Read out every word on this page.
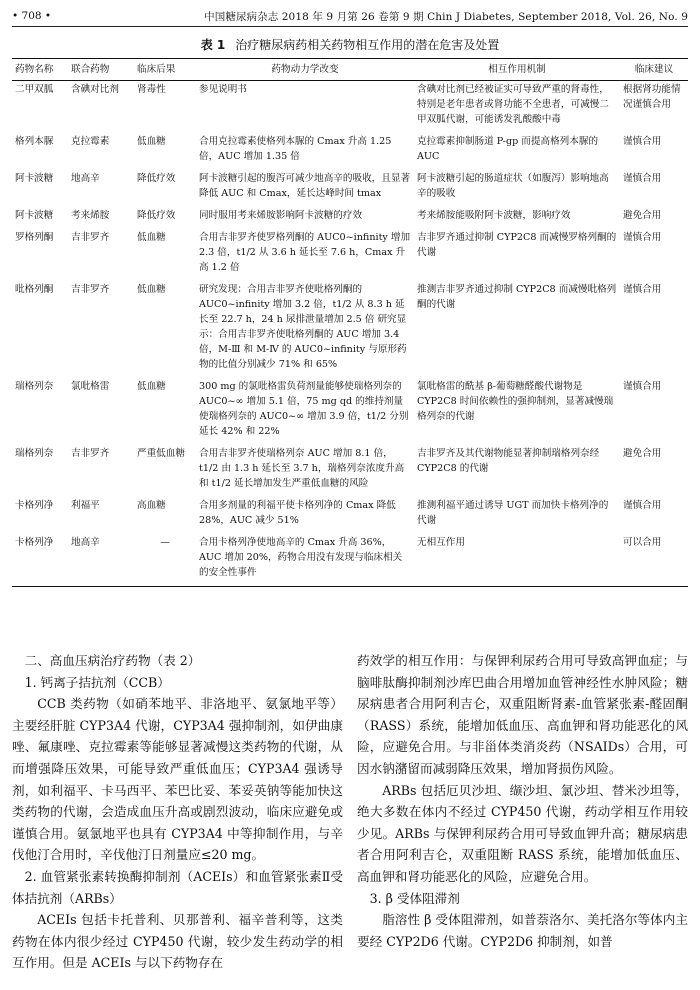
• 708 •	中国糖尿病杂志 2018 年 9 月第 26 卷第 9 期 Chin J Diabetes, September 2018, Vol. 26, No. 9
表 1 治疗糖尿病药相关药物相互作用的潜在危害及处置
药物名称	联合药物	临床后果	药物动力学改变	相互作用机制	临床建议
二甲双胍	含碘对比剂	肾毒性	参见说明书	含碘对比剂已经被证实可导致严重的肾毒性，特别是老年患者或肾功能不全患者，可减慢二甲双胍代谢，可能诱发乳酸酸中毒	根据肾功能情况谨慎合用
格列本脲	克拉霉素	低血糖	合用克拉霉素使格列本脲的 Cmax 升高 1.25 倍，AUC 增加 1.35 倍	克拉霉素抑制肠道 P-gp 而提高格列本脲的 AUC	谨慎合用
阿卡波糖	地高辛	降低疗效	阿卡波糖引起的腹泻可减少地高辛的吸收，且显著降低 AUC 和 Cmax，延长达峰时间 tmax	阿卡波糖引起的肠道症状（如腹泻）影响地高辛的吸收	谨慎合用
阿卡波糖	考来烯胺	降低疗效	同时服用考来烯胺影响阿卡波糖的疗效	考来烯胺能吸附阿卡波糖，影响疗效	避免合用
罗格列酮	吉非罗齐	低血糖	合用吉非罗齐使罗格列酮的 AUC0~infinity 增加 2.3 倍，t1/2 从 3.6 h 延长至 7.6 h，Cmax 升高 1.2 倍	吉非罗齐通过抑制 CYP2C8 而减慢罗格列酮的代谢	谨慎合用
吡格列酮	吉非罗齐	低血糖	研究发现：合用吉非罗齐使吡格列酮的 AUC0~infinity 增加 3.2 倍，t1/2 从 8.3 h 延长至 22.7 h，24 h 尿排泄量增加 2.5 倍 研究显示：合用吉非罗齐使吡格列酮的 AUC 增加 3.4 倍，M-Ⅲ 和 M-Ⅳ 的 AUC0~infinity 与原形药物的比值分别减少 71% 和 65%	推测吉非罗齐通过抑制 CYP2C8 而减慢吡格列酮的代谢	谨慎合用
瑞格列奈	氯吡格雷	低血糖	300 mg 的氯吡格雷负荷剂量能够使瑞格列奈的 AUC0~∞ 增加 5.1 倍，75 mg qd 的维持剂量使瑞格列奈的 AUC0~∞ 增加 3.9 倍，t1/2 分别延长 42% 和 22%	氯吡格雷的酰基 β-葡萄糖醛酸代谢物是 CYP2C8 时间依赖性的强抑制剂，显著减慢瑞格列奈的代谢	谨慎合用
瑞格列奈	吉非罗齐	严重低血糖	合用吉非罗齐使瑞格列奈 AUC 增加 8.1 倍，t1/2 由 1.3 h 延长至 3.7 h，瑞格列奈浓度升高和 t1/2 延长增加发生严重低血糖的风险	吉非罗齐及其代谢物能显著抑制瑞格列奈经 CYP2C8 的代谢	避免合用
卡格列净	利福平	高血糖	合用多剂量的利福平使卡格列净的 Cmax 降低 28%，AUC 减少 51%	推测利福平通过诱导 UGT 而加快卡格列净的代谢	谨慎合用
卡格列净	地高辛	—	合用卡格列净使地高辛的 Cmax 升高 36%，AUC 增加 20%，药物合用没有发现与临床相关的安全性事件	无相互作用	可以合用

二、高血压病治疗药物（表 2）

1. 钙离子拮抗剂（CCB）

CCB 类药物（如硝苯地平、非洛地平、氨氯地平等）主要经肝脏 CYP3A4 代谢，CYP3A4 强抑制剂，如伊曲康唑、氟康唑、克拉霉素等能够显著减慢这类药物的代谢，从而增强降压效果，可能导致严重低血压；CYP3A4 强诱导剂，如利福平、卡马西平、苯巴比妥、苯妥英钠等能加快这类药物的代谢，会造成血压升高或剧烈波动，临床应避免或谨慎合用。氨氯地平也具有 CYP3A4 中等抑制作用，与辛伐他汀合用时，辛伐他汀日剂量应≤20 mg。

2. 血管紧张素转换酶抑制剂（ACEIs）和血管紧张素Ⅱ受体拮抗剂（ARBs）

ACEIs 包括卡托普利、贝那普利、福辛普利等，这类药物在体内很少经过 CYP450 代谢，较少发生药动学的相互作用。但是 ACEIs 与以下药物存在

药效学的相互作用：与保钾利尿药合用可导致高钾血症；与脑啡肽酶抑制剂沙库巴曲合用增加血管神经性水肿风险；糖尿病患者合用阿利吉仑，双重阻断肾素-血管紧张素-醛固酮（RASS）系统，能增加低血压、高血钾和肾功能恶化的风险，应避免合用。与非甾体类消炎药（NSAIDs）合用，可因水钠潴留而减弱降压效果，增加肾损伤风险。

ARBs 包括厄贝沙坦、缬沙坦、氯沙坦、替米沙坦等，绝大多数在体内不经过 CYP450 代谢，药动学相互作用较少见。ARBs 与保钾利尿药合用可导致血钾升高；糖尿病患者合用阿利吉仑，双重阻断 RASS 系统，能增加低血压、高血钾和肾功能恶化的风险，应避免合用。

3. β 受体阻滞剂

脂溶性 β 受体阻滞剂，如普萘洛尔、美托洛尔等体内主要经 CYP2D6 代谢。CYP2D6 抑制剂，如普
